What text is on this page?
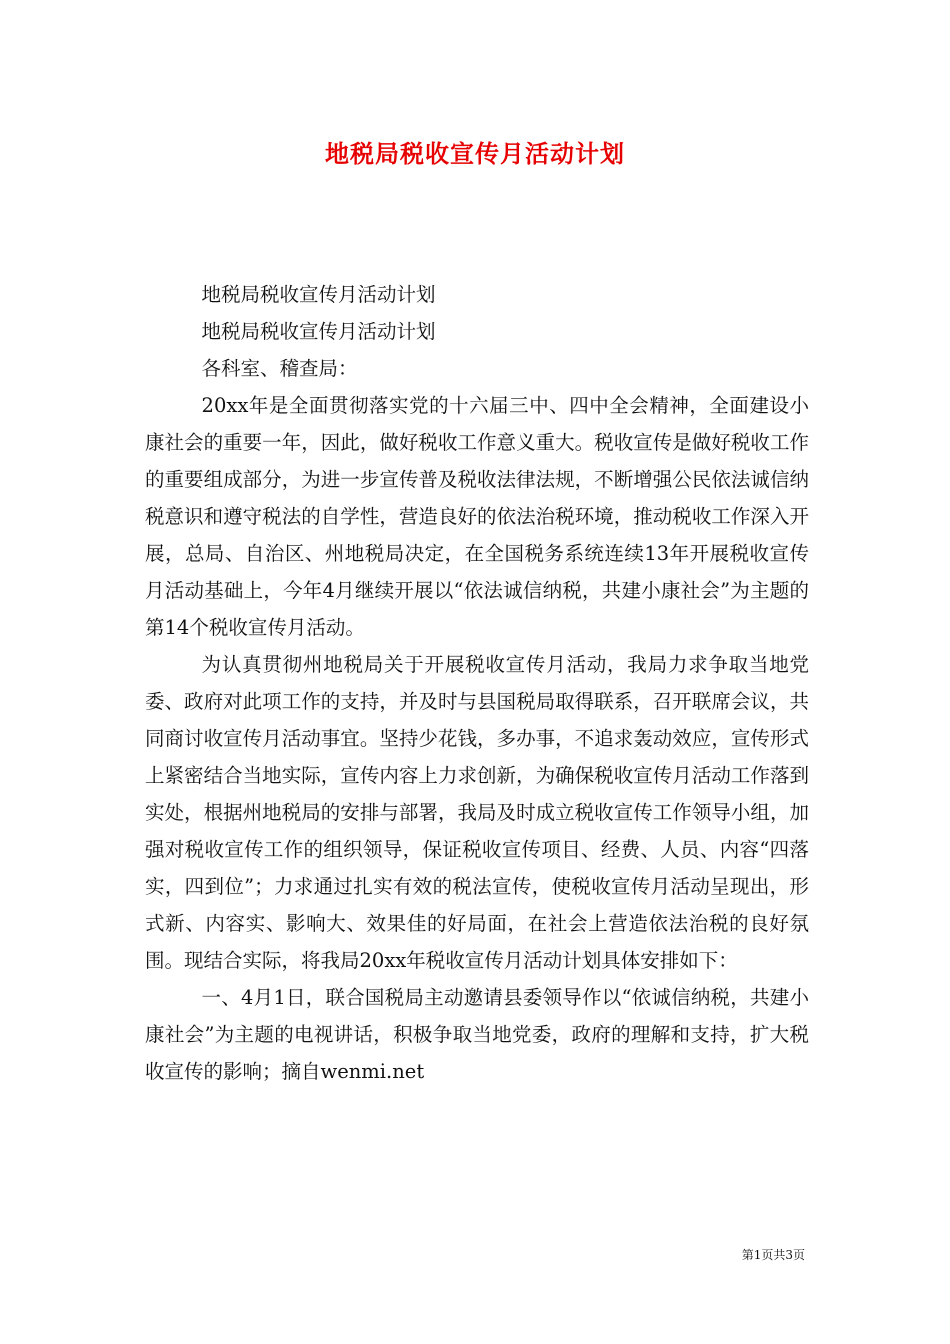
地税局税收宣传月活动计划

地税局税收宣传月活动计划

地税局税收宣传月活动计划

各科室、稽查局：

20xx年是全面贯彻落实党的十六届三中、四中全会精神，全面建设小康社会的重要一年，因此，做好税收工作意义重大。税收宣传是做好税收工作的重要组成部分，为进一步宣传普及税收法律法规，不断增强公民依法诚信纳税意识和遵守税法的自学性，营造良好的依法治税环境，推动税收工作深入开展，总局、自治区、州地税局决定，在全国税务系统连续13年开展税收宣传月活动基础上，今年4月继续开展以“依法诚信纳税，共建小康社会”为主题的第14个税收宣传月活动。

为认真贯彻州地税局关于开展税收宣传月活动，我局力求争取当地党委、政府对此项工作的支持，并及时与县国税局取得联系，召开联席会议，共同商讨收宣传月活动事宜。坚持少花钱，多办事，不追求轰动效应，宣传形式上紧密结合当地实际，宣传内容上力求创新，为确保税收宣传月活动工作落到实处，根据州地税局的安排与部署，我局及时成立税收宣传工作领导小组，加强对税收宣传工作的组织领导，保证税收宣传项目、经费、人员、内容“四落实，四到位”；力求通过扎实有效的税法宣传，使税收宣传月活动呈现出，形式新、内容实、影响大、效果佳的好局面，在社会上营造依法治税的良好氛围。现结合实际，将我局20xx年税收宣传月活动计划具体安排如下：

一、4月1日，联合国税局主动邀请县委领导作以“依诚信纳税，共建小康社会”为主题的电视讲话，积极争取当地党委，政府的理解和支持，扩大税收宣传的影响；摘自wenmi.net

第1页共3页
